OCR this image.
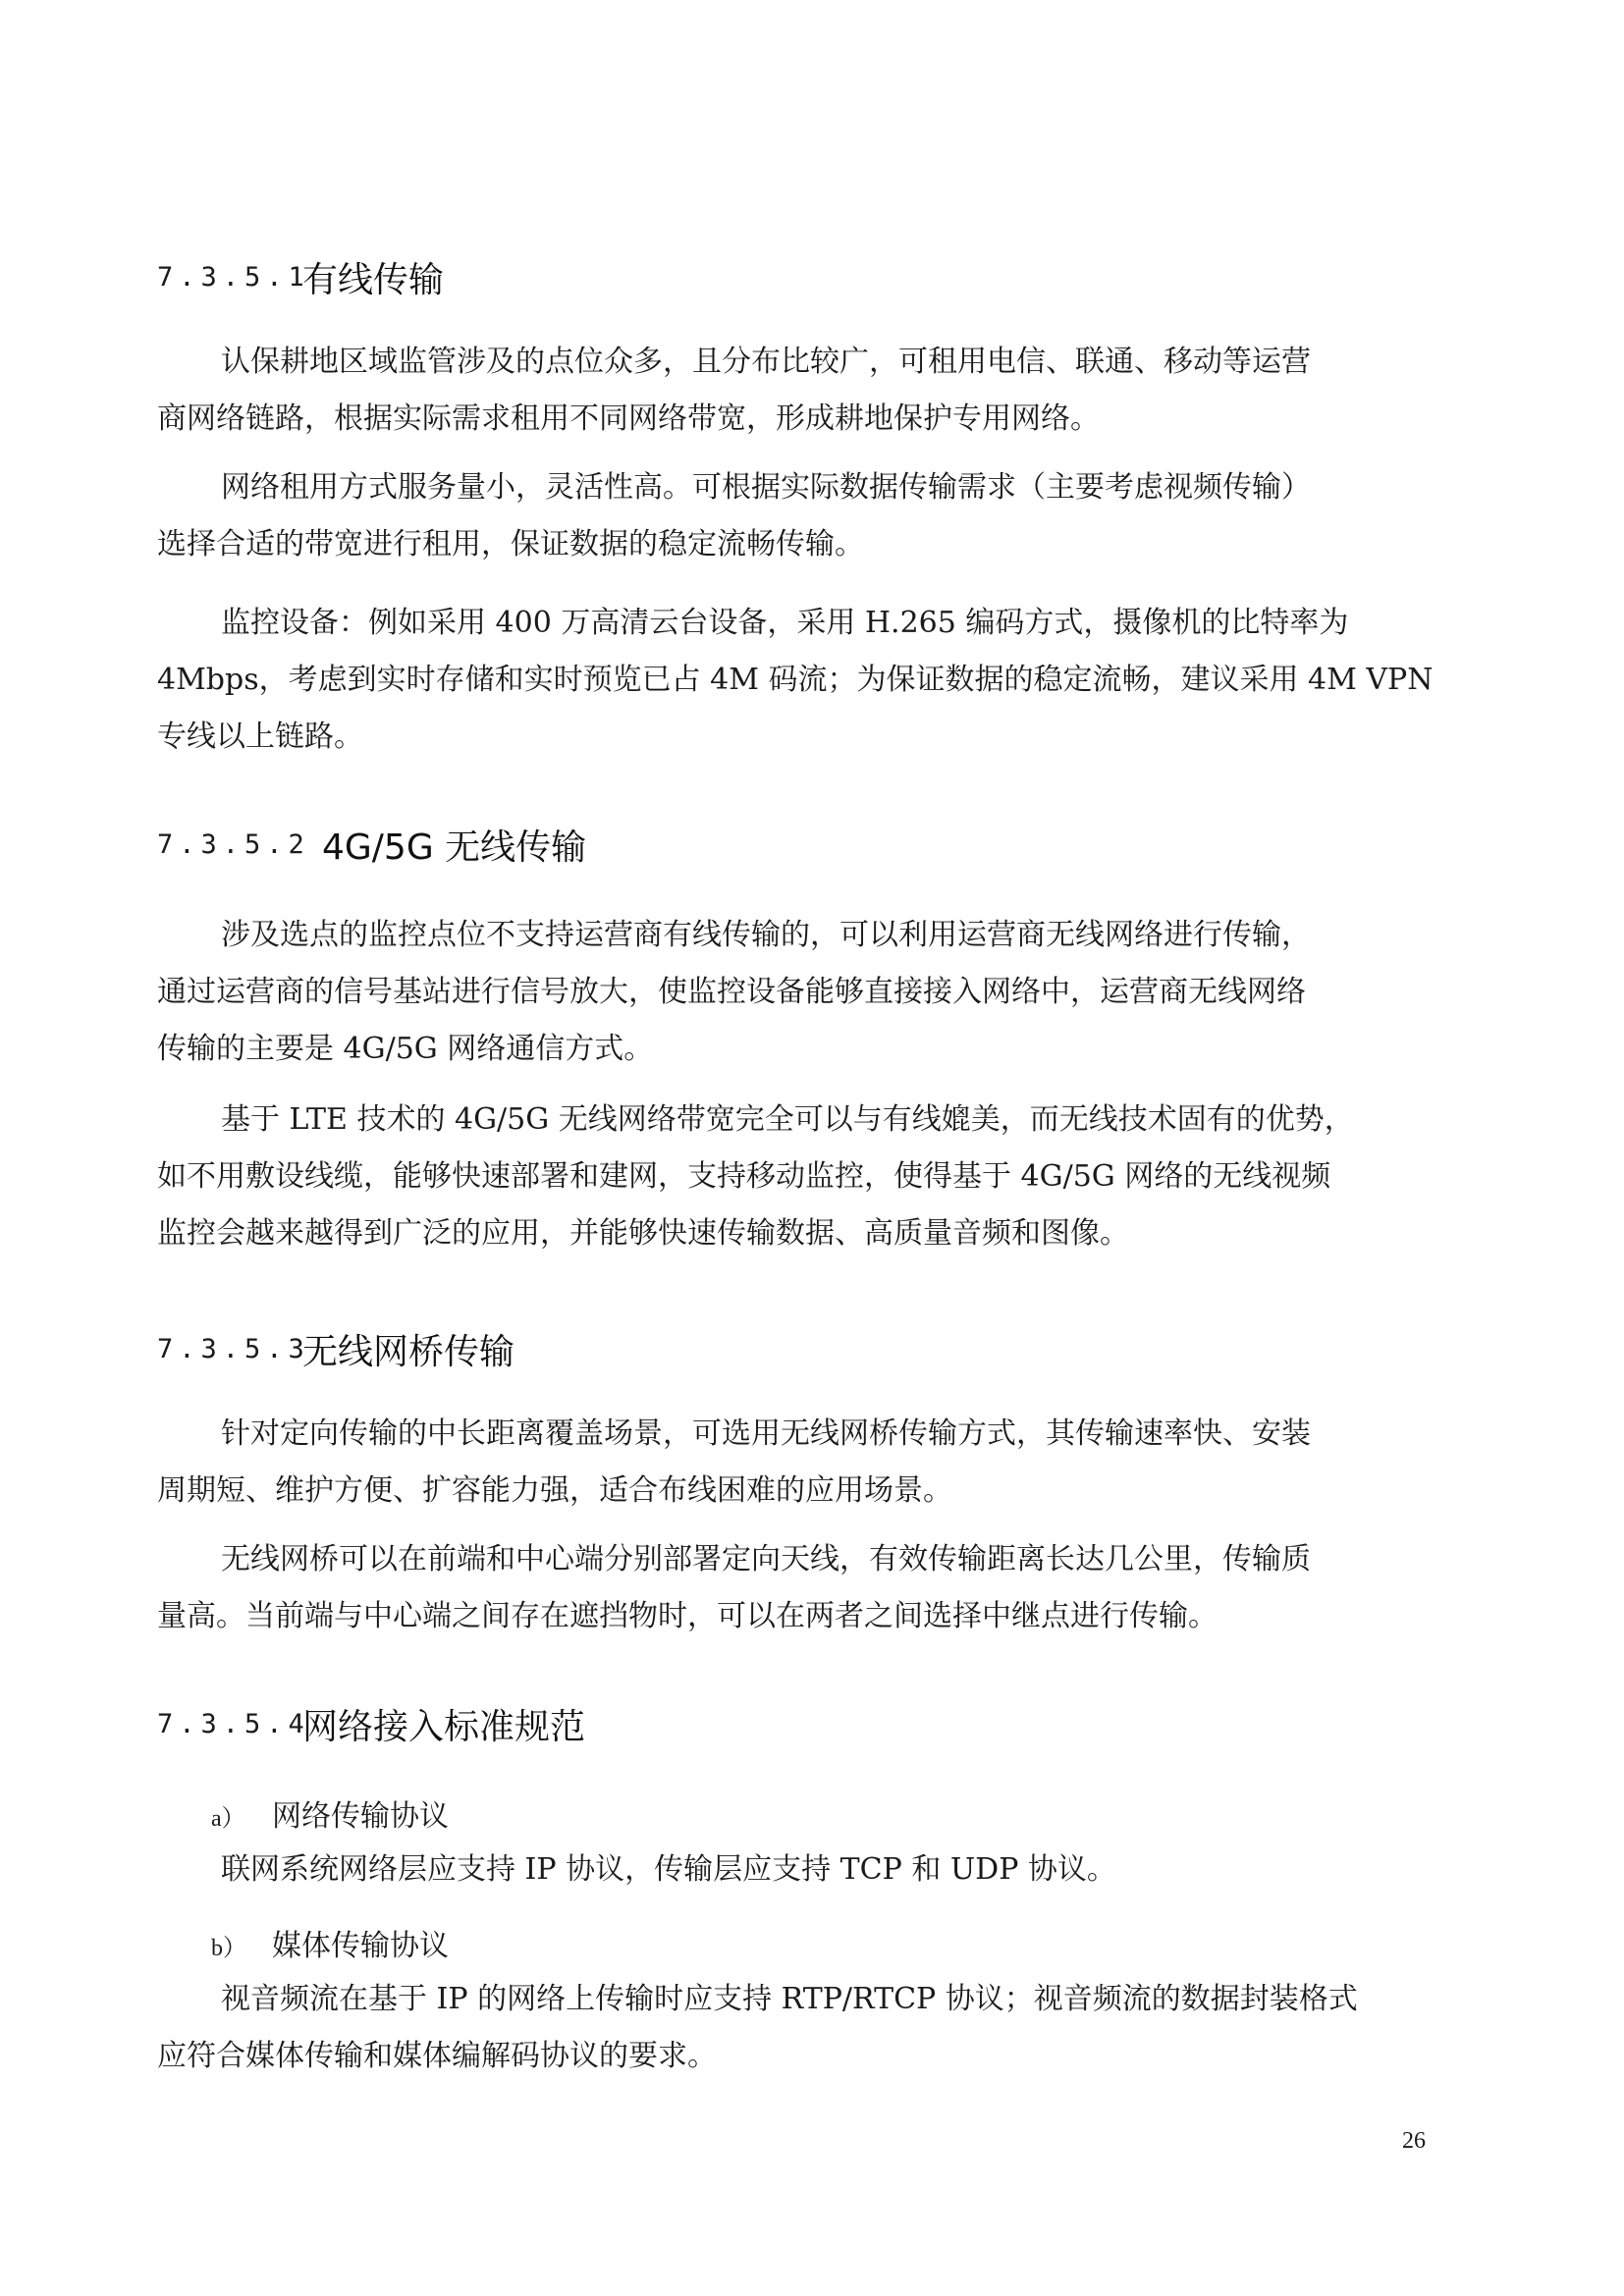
7.3.5.1
有线传输

认保耕地区域监管涉及的点位众多，且分布比较广，可租用电信、联通、移动等运营
商网络链路，根据实际需求租用不同网络带宽，形成耕地保护专用网络。

网络租用方式服务量小，灵活性高。可根据实际数据传输需求（主要考虑视频传输）
选择合适的带宽进行租用，保证数据的稳定流畅传输。

监控设备：例如采用 400 万高清云台设备，采用 H.265 编码方式，摄像机的比特率为
4Mbps，考虑到实时存储和实时预览已占 4M 码流；为保证数据的稳定流畅，建议采用 4M VPN
专线以上链路。

7.3.5.2 4G/5G 无线传输

涉及选点的监控点位不支持运营商有线传输的，可以利用运营商无线网络进行传输，
通过运营商的信号基站进行信号放大，使监控设备能够直接接入网络中，运营商无线网络
传输的主要是 4G/5G 网络通信方式。

基于 LTE 技术的 4G/5G 无线网络带宽完全可以与有线媲美，而无线技术固有的优势，
如不用敷设线缆，能够快速部署和建网，支持移动监控，使得基于 4G/5G 网络的无线视频
监控会越来越得到广泛的应用，并能够快速传输数据、高质量音频和图像。

7.3.5.3
无线网桥传输

针对定向传输的中长距离覆盖场景，可选用无线网桥传输方式，其传输速率快、安装
周期短、维护方便、扩容能力强，适合布线困难的应用场景。

无线网桥可以在前端和中心端分别部署定向天线，有效传输距离长达几公里，传输质
量高。当前端与中心端之间存在遮挡物时，可以在两者之间选择中继点进行传输。

7.3.5.4
网络接入标准规范
a） 网络传输协议

联网系统网络层应支持 IP 协议，传输层应支持 TCP 和 UDP 协议。

b） 媒体传输协议

视音频流在基于 IP 的网络上传输时应支持 RTP/RTCP 协议；视音频流的数据封装格式
应符合媒体传输和媒体编解码协议的要求。

26
